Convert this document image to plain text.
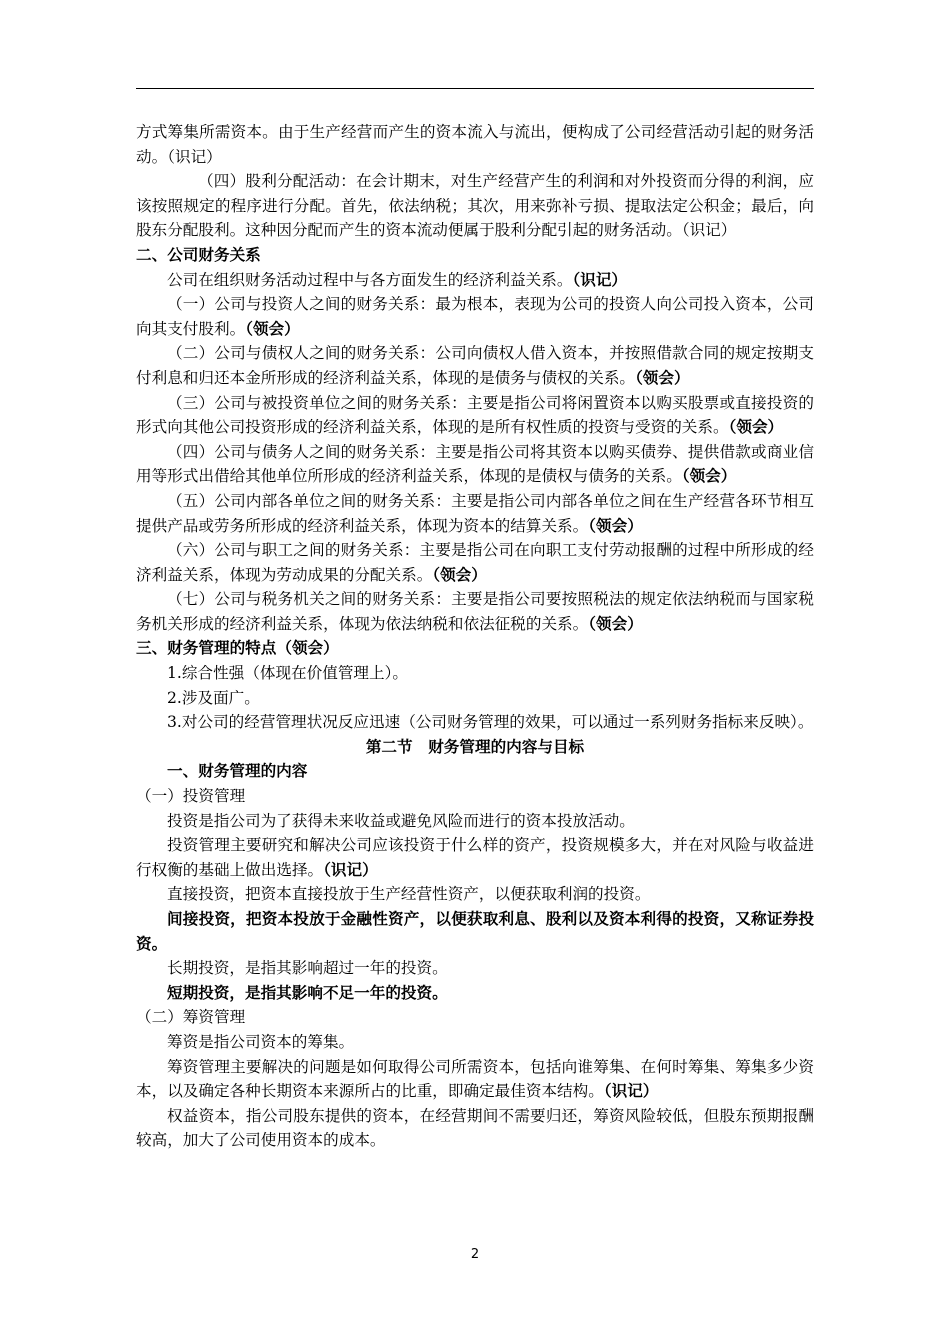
方式筹集所需资本。由于生产经营而产生的资本流入与流出，便构成了公司经营活动引起的财务活动。（识记）

（四）股利分配活动：在会计期末，对生产经营产生的利润和对外投资而分得的利润，应该按照规定的程序进行分配。首先，依法纳税；其次，用来弥补亏损、提取法定公积金；最后，向股东分配股利。这种因分配而产生的资本流动便属于股利分配引起的财务活动。（识记）

二、公司财务关系

公司在组织财务活动过程中与各方面发生的经济利益关系。（识记）

（一）公司与投资人之间的财务关系：最为根本，表现为公司的投资人向公司投入资本，公司向其支付股利。（领会）

（二）公司与债权人之间的财务关系：公司向债权人借入资本，并按照借款合同的规定按期支付利息和归还本金所形成的经济利益关系，体现的是债务与债权的关系。（领会）

（三）公司与被投资单位之间的财务关系：主要是指公司将闲置资本以购买股票或直接投资的形式向其他公司投资形成的经济利益关系，体现的是所有权性质的投资与受资的关系。（领会）

（四）公司与债务人之间的财务关系：主要是指公司将其资本以购买债券、提供借款或商业信用等形式出借给其他单位所形成的经济利益关系，体现的是债权与债务的关系。（领会）

（五）公司内部各单位之间的财务关系：主要是指公司内部各单位之间在生产经营各环节相互提供产品或劳务所形成的经济利益关系，体现为资本的结算关系。（领会）

（六）公司与职工之间的财务关系：主要是指公司在向职工支付劳动报酬的过程中所形成的经济利益关系，体现为劳动成果的分配关系。（领会）

（七）公司与税务机关之间的财务关系：主要是指公司要按照税法的规定依法纳税而与国家税务机关形成的经济利益关系，体现为依法纳税和依法征税的关系。（领会）

三、财务管理的特点（领会）

1.综合性强（体现在价值管理上）。

2.涉及面广。

3.对公司的经营管理状况反应迅速（公司财务管理的效果，可以通过一系列财务指标来反映）。

第二节　财务管理的内容与目标

一、财务管理的内容

（一）投资管理

投资是指公司为了获得未来收益或避免风险而进行的资本投放活动。

投资管理主要研究和解决公司应该投资于什么样的资产，投资规模多大，并在对风险与收益进行权衡的基础上做出选择。（识记）

直接投资，把资本直接投放于生产经营性资产，以便获取利润的投资。

间接投资，把资本投放于金融性资产，以便获取利息、股利以及资本利得的投资，又称证券投资。

长期投资，是指其影响超过一年的投资。

短期投资，是指其影响不足一年的投资。

（二）筹资管理

筹资是指公司资本的筹集。

筹资管理主要解决的问题是如何取得公司所需资本，包括向谁筹集、在何时筹集、筹集多少资本，以及确定各种长期资本来源所占的比重，即确定最佳资本结构。（识记）

权益资本，指公司股东提供的资本，在经营期间不需要归还，筹资风险较低，但股东预期报酬较高，加大了公司使用资本的成本。

2
